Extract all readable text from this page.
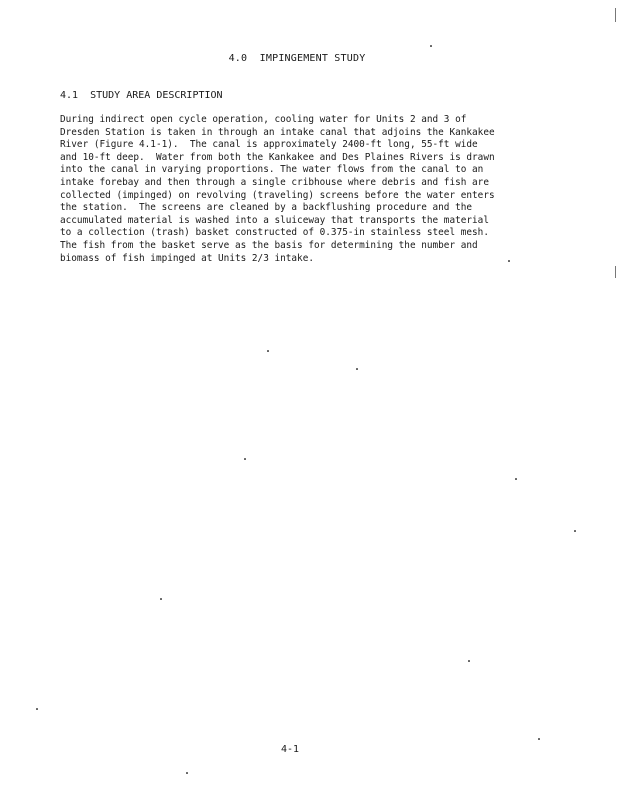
4.0  IMPINGEMENT STUDY
4.1  STUDY AREA DESCRIPTION
During indirect open cycle operation, cooling water for Units 2 and 3 of
Dresden Station is taken in through an intake canal that adjoins the Kankakee
River (Figure 4.1-1).  The canal is approximately 2400-ft long, 55-ft wide
and 10-ft deep.  Water from both the Kankakee and Des Plaines Rivers is drawn
into the canal in varying proportions. The water flows from the canal to an
intake forebay and then through a single cribhouse where debris and fish are
collected (impinged) on revolving (traveling) screens before the water enters
the station.  The screens are cleaned by a backflushing procedure and the
accumulated material is washed into a sluiceway that transports the material
to a collection (trash) basket constructed of 0.375-in stainless steel mesh.
The fish from the basket serve as the basis for determining the number and
biomass of fish impinged at Units 2/3 intake.
4-1
